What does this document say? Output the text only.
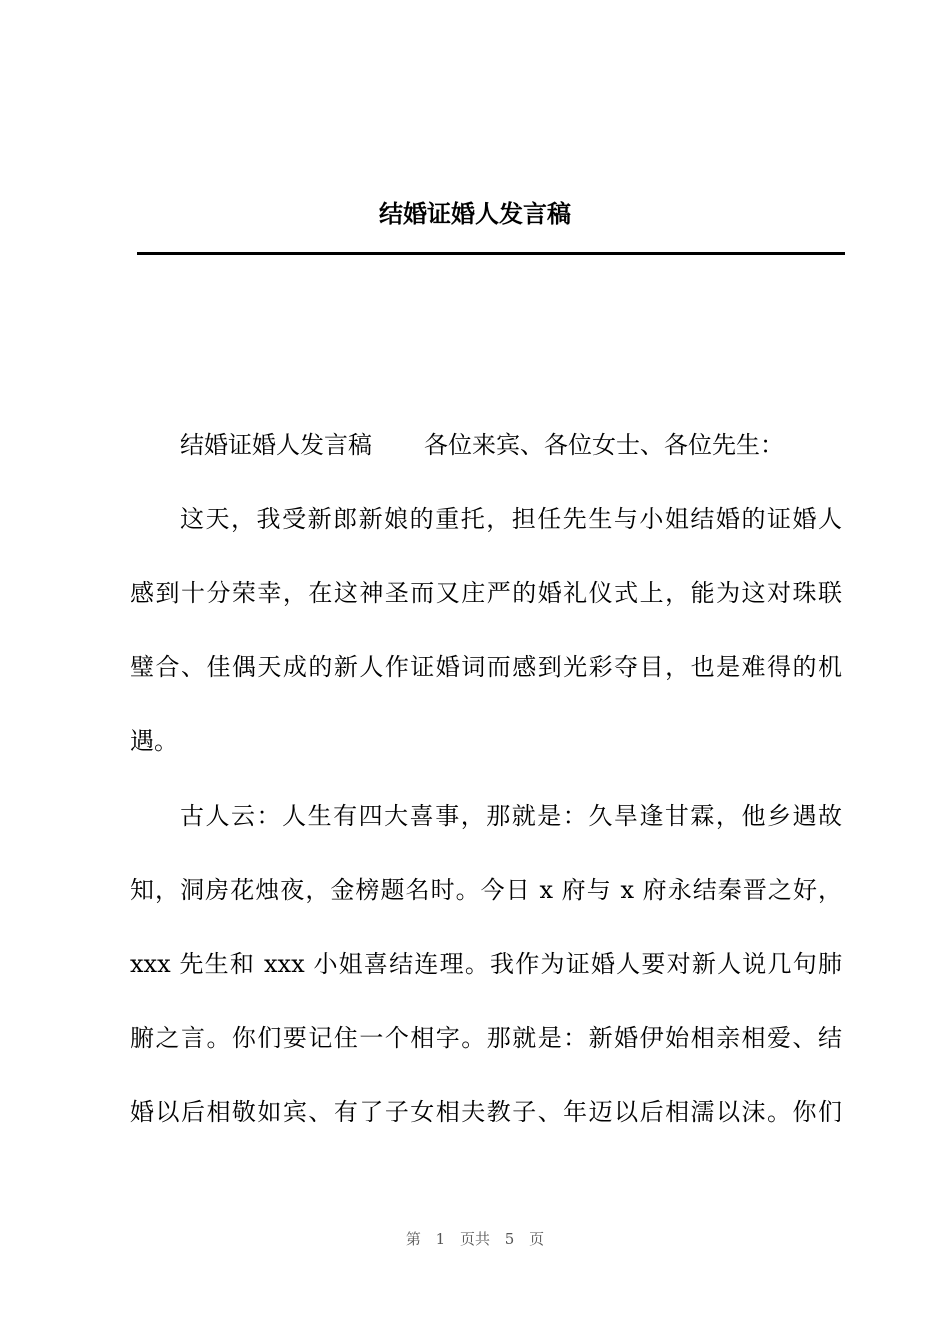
结婚证婚人发言稿

结婚证婚人发言稿 各位来宾、各位女士、各位先生：

这天，我受新郎新娘的重托，担任先生与小姐结婚的证婚人

感到十分荣幸，在这神圣而又庄严的婚礼仪式上，能为这对珠联

璧合、佳偶天成的新人作证婚词而感到光彩夺目，也是难得的机

遇。

古人云：人生有四大喜事，那就是：久旱逢甘霖，他乡遇故

知，洞房花烛夜，金榜题名时。今日 x 府与 x 府永结秦晋之好，

xxx 先生和 xxx 小姐喜结连理。我作为证婚人要对新人说几句肺

腑之言。你们要记住一个相字。那就是：新婚伊始相亲相爱、结

婚以后相敬如宾、有了子女相夫教子、年迈以后相濡以沫。你们

第 1 页共 5 页
